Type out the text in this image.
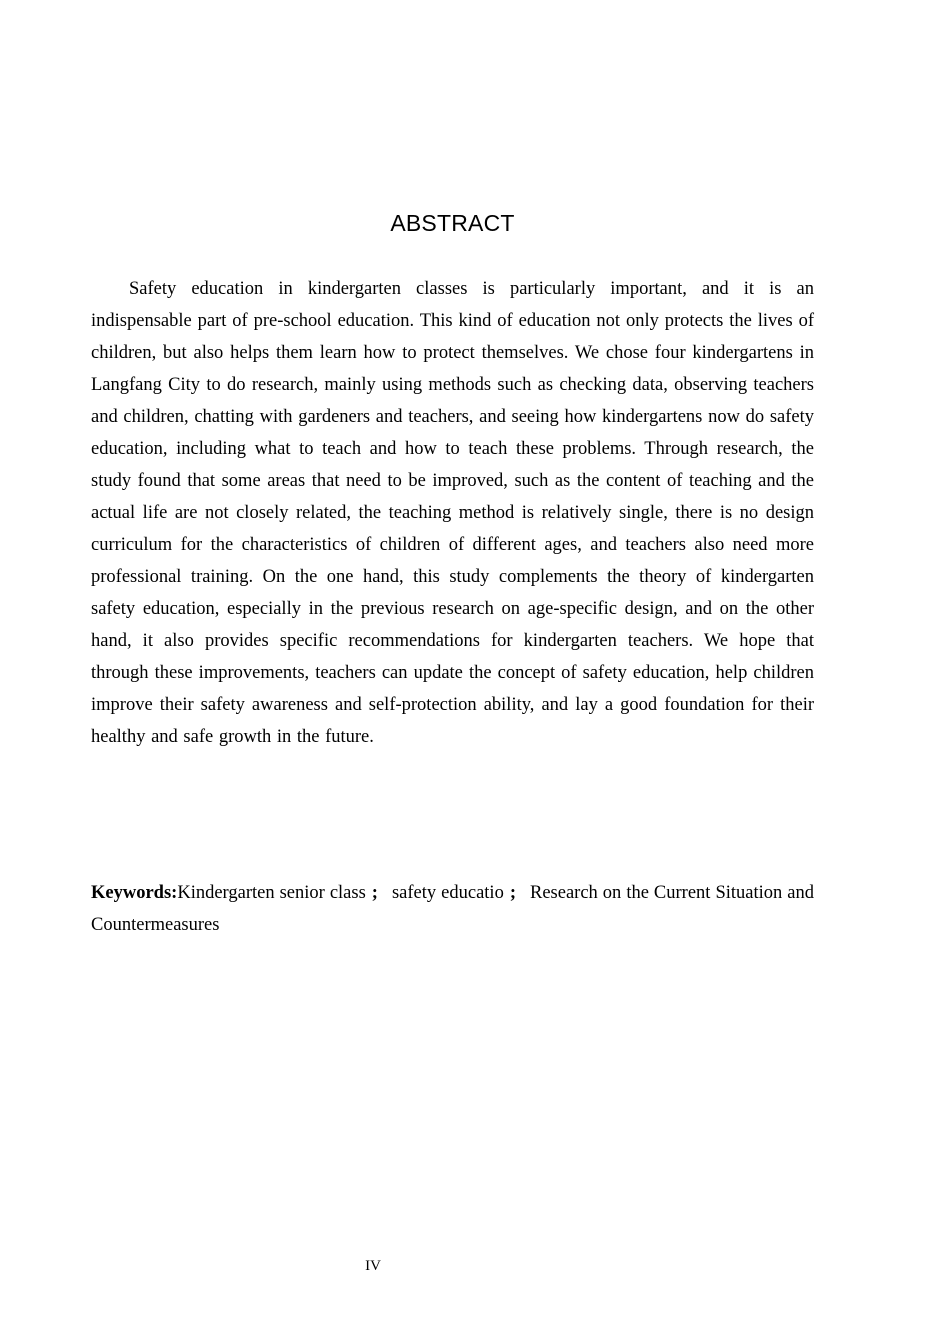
ABSTRACT

Safety education in kindergarten classes is particularly important, and it is an indispensable part of pre-school education. This kind of education not only protects the lives of children, but also helps them learn how to protect themselves. We chose four kindergartens in Langfang City to do research, mainly using methods such as checking data, observing teachers and children, chatting with gardeners and teachers, and seeing how kindergartens now do safety education, including what to teach and how to teach these problems. Through research, the study found that some areas that need to be improved, such as the content of teaching and the actual life are not closely related, the teaching method is relatively single, there is no design curriculum for the characteristics of children of different ages, and teachers also need more professional training. On the one hand, this study complements the theory of kindergarten safety education, especially in the previous research on age-specific design, and on the other hand, it also provides specific recommendations for kindergarten teachers. We hope that through these improvements, teachers can update the concept of safety education, help children improve their safety awareness and self-protection ability, and lay a good foundation for their healthy and safe growth in the future.

Keywords:Kindergarten senior class ; safety educatio ; Research on the Current Situation and Countermeasures

IV
